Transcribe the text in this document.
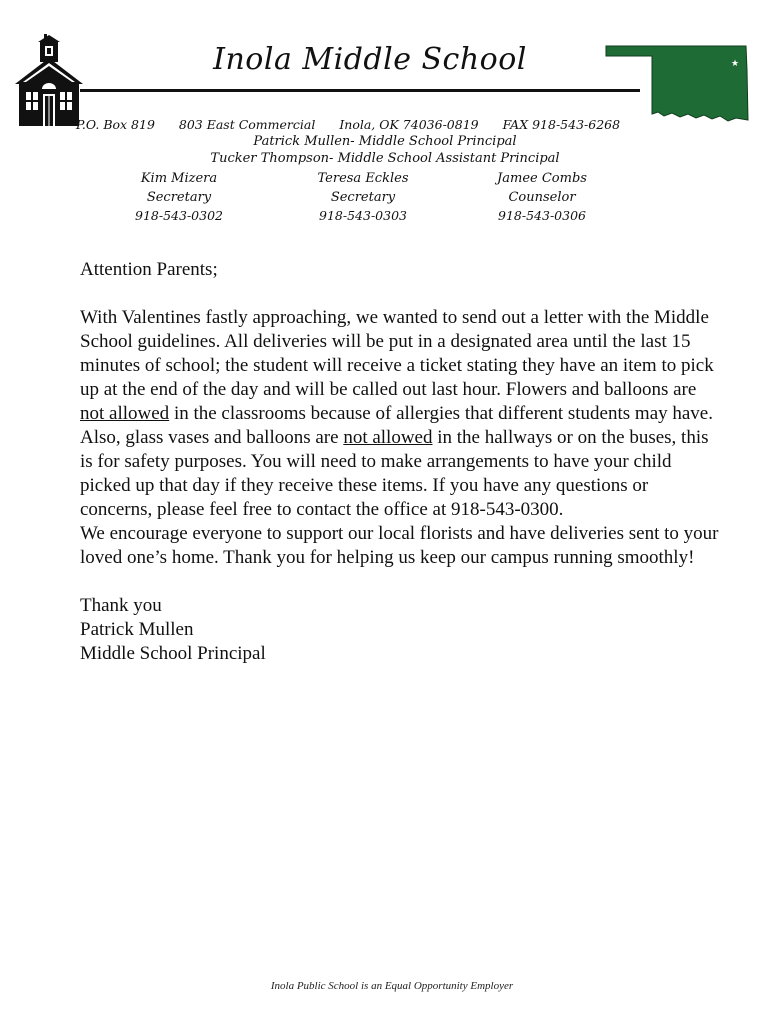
Inola Middle School	★
P.O. Box 819 803 East Commercial Inola, OK 74036-0819 FAX 918-543-6268
Patrick Mullen- Middle School Principal
Tucker Thompson- Middle School Assistant Principal
Kim Mizera
Secretary
918-543-0302
Teresa Eckles
Secretary
918-543-0303
Jamee Combs
Counselor
918-543-0306

Attention Parents;

With Valentines fastly approaching, we wanted to send out a letter with the Middle School guidelines. All deliveries will be put in a designated area until the last 15 minutes of school; the student will receive a ticket stating they have an item to pick up at the end of the day and will be called out last hour. Flowers and balloons are not allowed in the classrooms because of allergies that different students may have. Also, glass vases and balloons are not allowed in the hallways or on the buses, this is for safety purposes. You will need to make arrangements to have your child picked up that day if they receive these items. If you have any questions or concerns, please feel free to contact the office at 918-543-0300.

We encourage everyone to support our local florists and have deliveries sent to your loved one’s home. Thank you for helping us keep our campus running smoothly!

Thank you
Patrick Mullen
Middle School Principal

Inola Public School is an Equal Opportunity Employer
